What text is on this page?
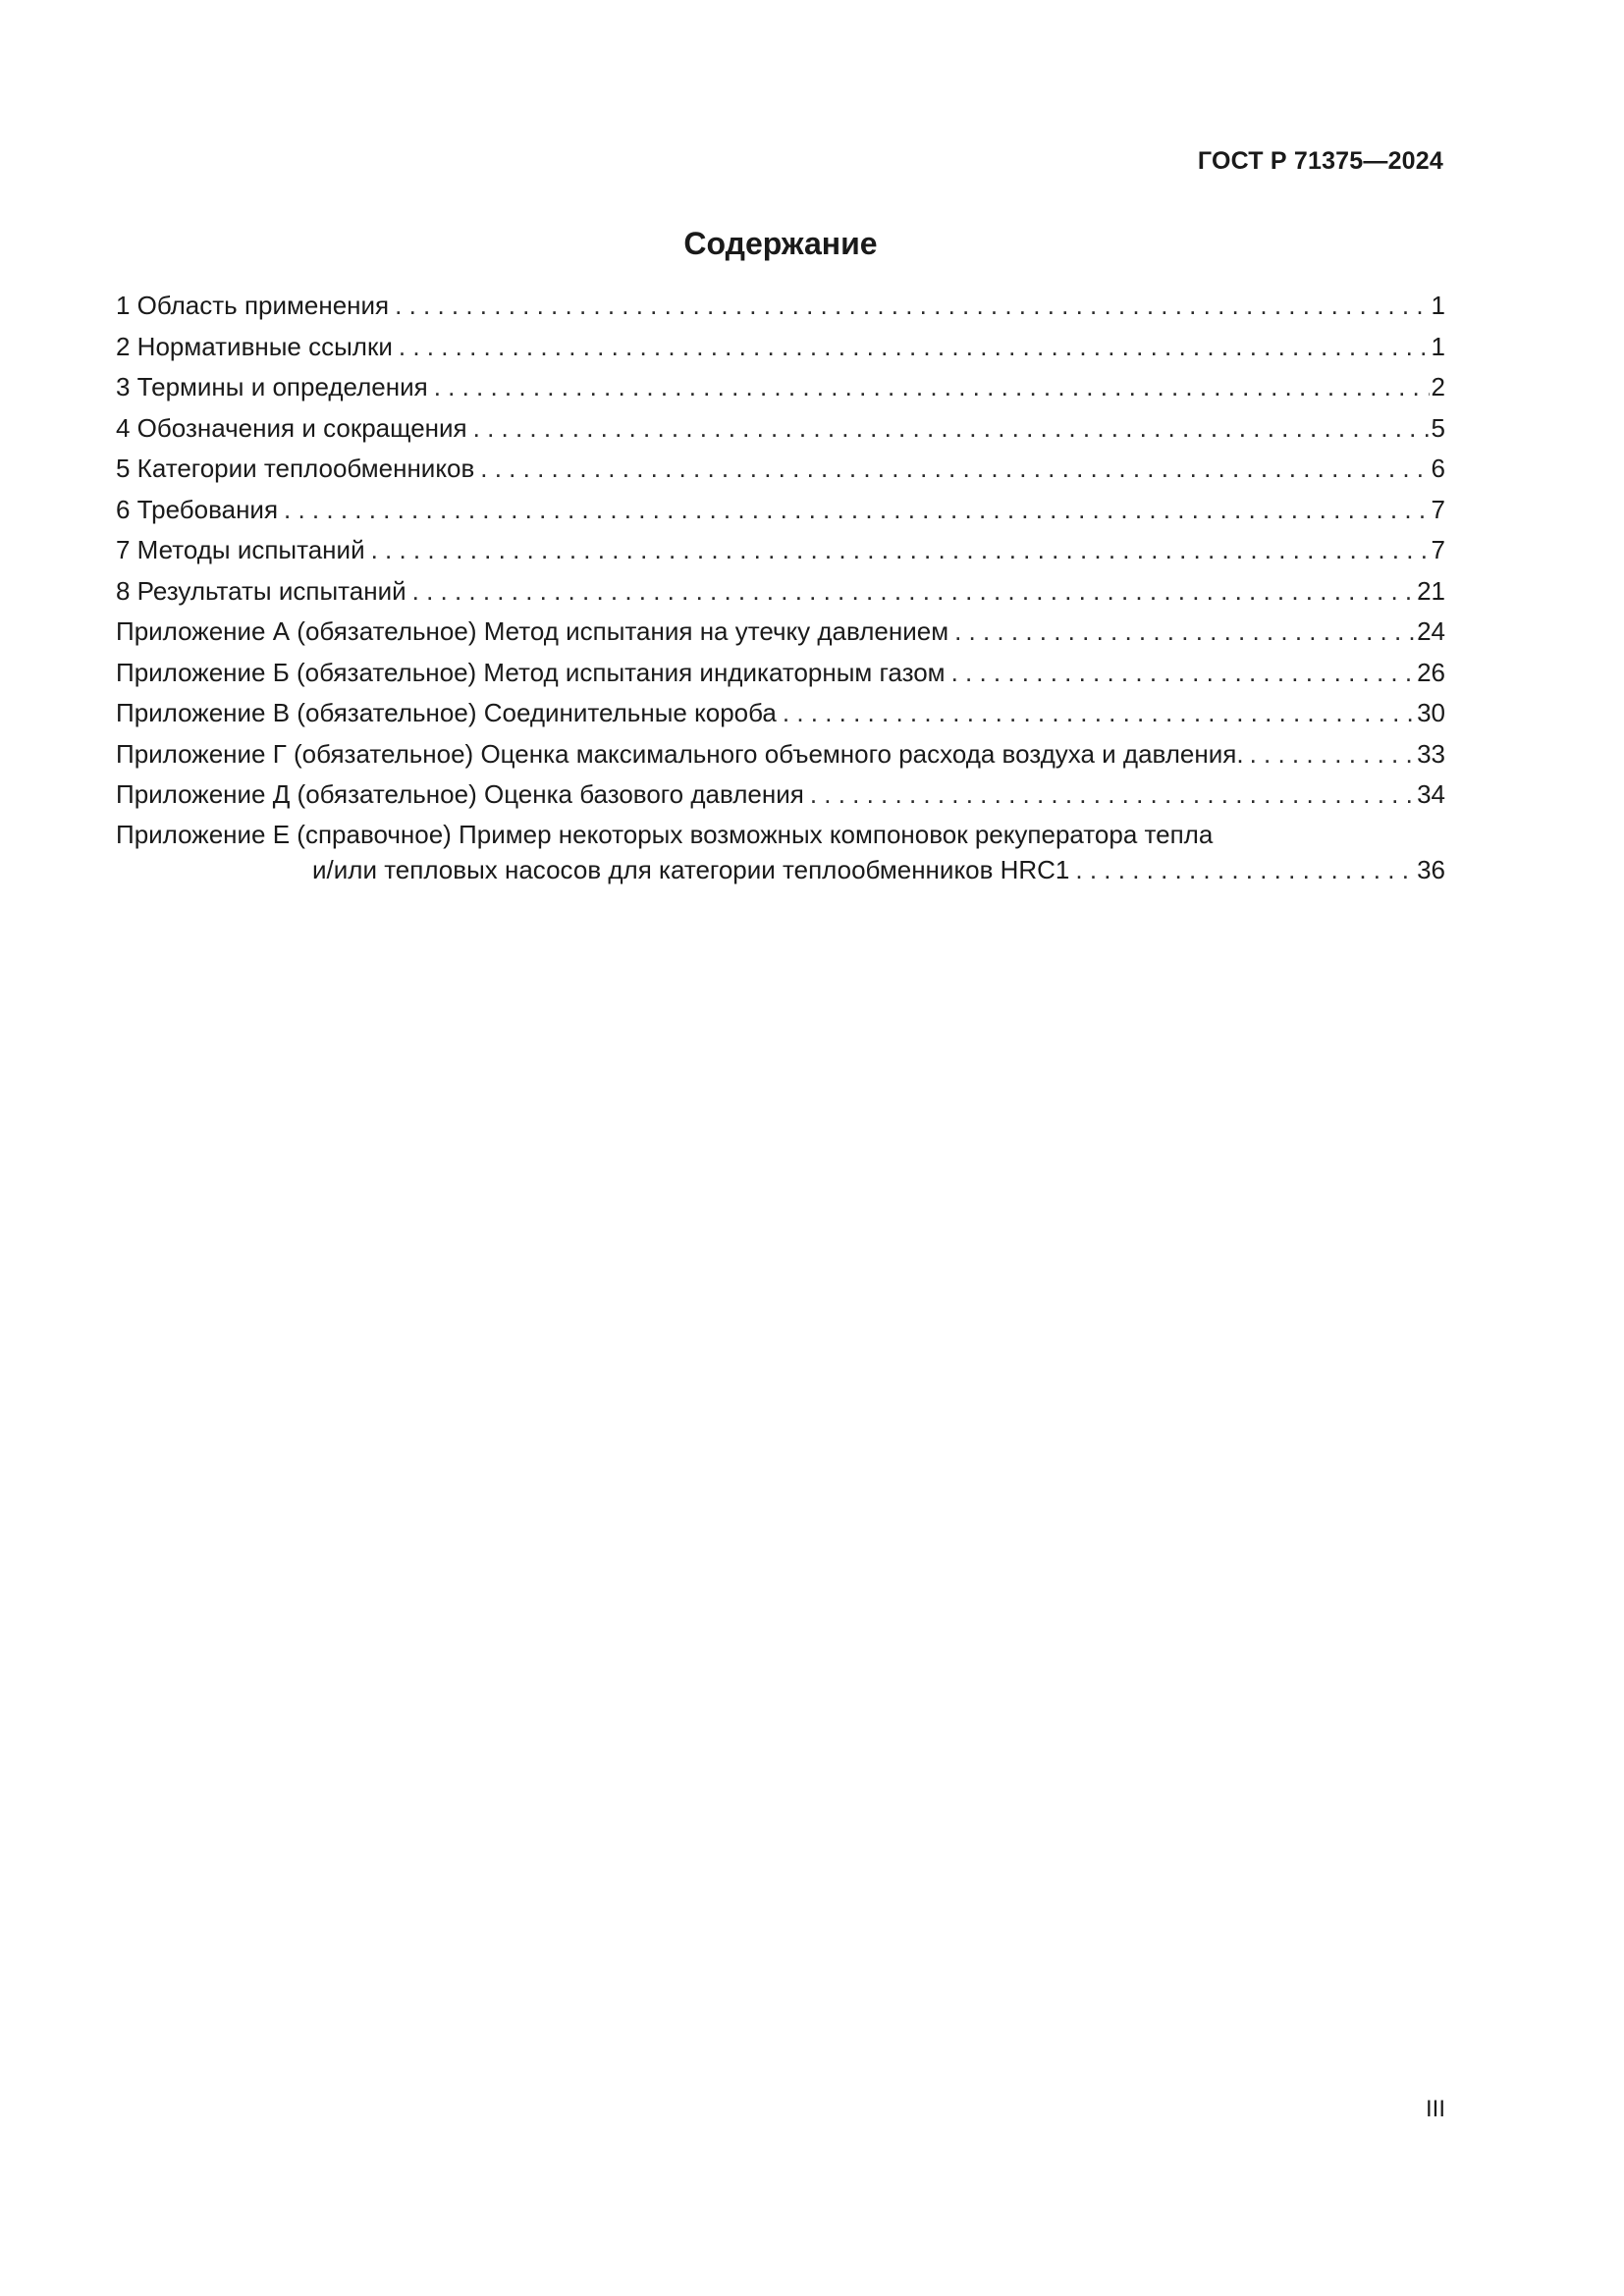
ГОСТ Р 71375—2024
Содержание
1 Область применения . . .	1
2 Нормативные ссылки . . .	1
3 Термины и определения . . .	2
4 Обозначения и сокращения . . .	5
5 Категории теплообменников . . .	6
6 Требования . . .	7
7 Методы испытаний . . .	7
8 Результаты испытаний . . .	21
Приложение А (обязательное) Метод испытания на утечку давлением . . .	24
Приложение Б (обязательное) Метод испытания индикаторным газом . . .	26
Приложение В (обязательное) Соединительные короба . . .	30
Приложение Г (обязательное) Оценка максимального объемного расхода воздуха и давления. . . .	33
Приложение Д (обязательное) Оценка базового давления . . .	34
Приложение Е (справочное) Пример некоторых возможных компоновок рекуператора тепла
и/или тепловых насосов для категории теплообменников HRC1 . . .	36
III
